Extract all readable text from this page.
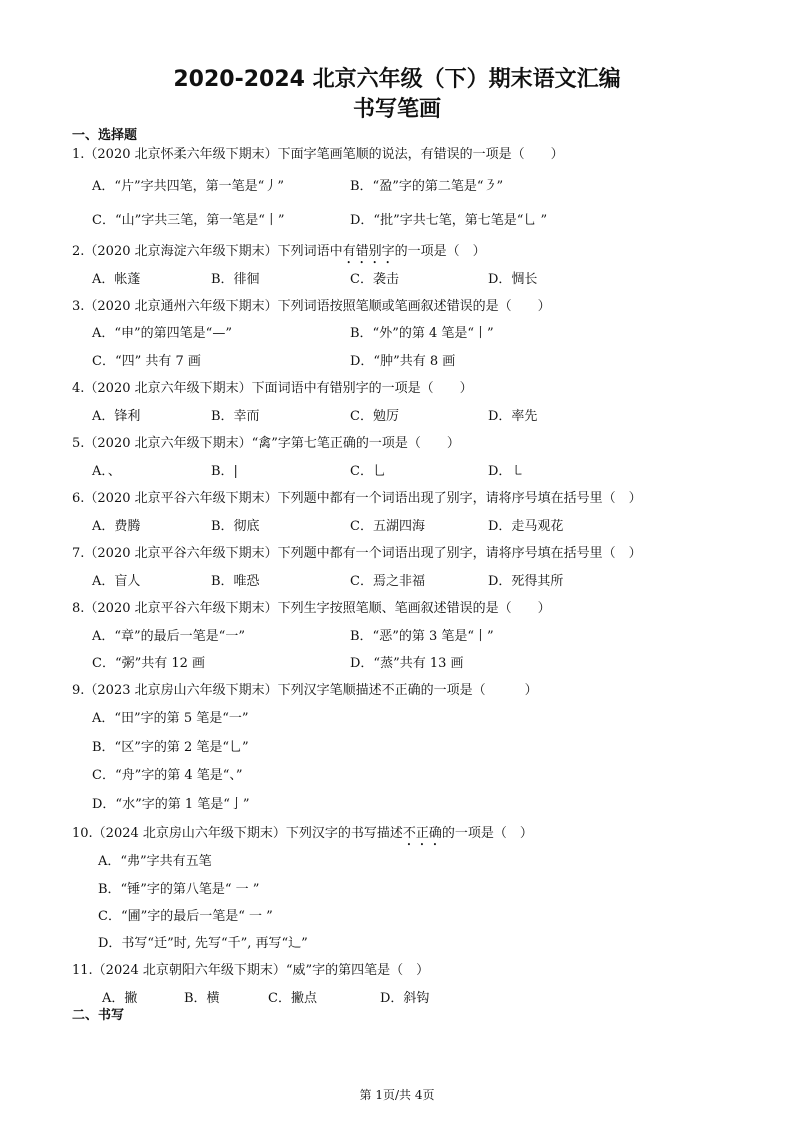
2020-2024 北京六年级（下）期末语文汇编
书写笔画
一、选择题
1.（2020 北京怀柔六年级下期末）下面字笔画笔顺的说法，有错误的一项是（　　）
A．“片”字共四笔，第一笔是“丿”	B．“盈”字的第二笔是“㇋”
C．“山”字共三笔，第一笔是“丨”	D．“批”字共七笔，第七笔是“乚 ”
2.（2020 北京海淀六年级下期末）下列词语中有错别字的一项是（　）
A．帐蓬	B．徘徊	C．袭击	D．惆长
3.（2020 北京通州六年级下期末）下列词语按照笔顺或笔画叙述错误的是（　　）
A．“申”的第四笔是“—”	B．“外”的第 4 笔是“丨”
C．“四” 共有 7 画	D．“肿”共有 8 画
4.（2020 北京六年级下期末）下面词语中有错别字的一项是（　　）
A．锋利	B．幸而	C．勉厉	D．率先
5.（2020 北京六年级下期末）“禽”字第七笔正确的一项是（　　）
A．、	B．|	C．乚	D．㇄
6.（2020 北京平谷六年级下期末）下列题中都有一个词语出现了别字，请将序号填在括号里（　）
A．费腾	B．彻底	C．五湖四海	D．走马观花
7.（2020 北京平谷六年级下期末）下列题中都有一个词语出现了别字，请将序号填在括号里（　）
A．盲人	B．唯恐	C．焉之非福	D．死得其所
8.（2020 北京平谷六年级下期末）下列生字按照笔顺、笔画叙述错误的是（　　）
A．“章”的最后一笔是“一”	B．“恶”的第 3 笔是“丨”
C．“粥”共有 12 画	D．“蒸”共有 13 画
9.（2023 北京房山六年级下期末）下列汉字笔顺描述不正确的一项是（　　　）
A．“田”字的第 5 笔是“一”
B．“区”字的第 2 笔是“乚”
C．“舟”字的第 4 笔是“、”
D．“水”字的第 1 笔是“亅”
10.（2024 北京房山六年级下期末）下列汉字的书写描述不正确的一项是（　）
A．“弗”字共有五笔
B．“锤”字的第八笔是“ 一 ”
C．“圃”字的最后一笔是“ 一 ”
D．书写“迁”时, 先写“千”, 再写“辶”
11.（2024 北京朝阳六年级下期末）“威”字的第四笔是（　）
A．撇	B．横	C．撇点	D．斜钩
二、书写
第 1页/共 4页
